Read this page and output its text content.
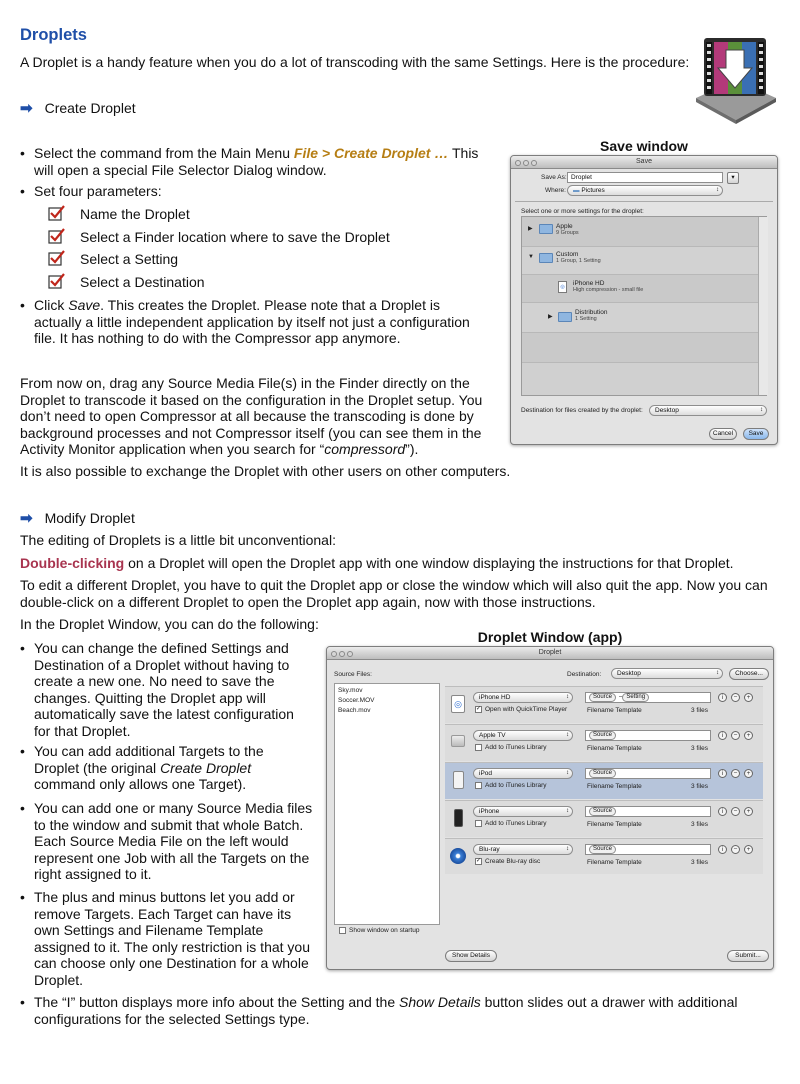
Droplets
A Droplet is a handy feature when you do a lot of transcoding with the same Settings. Here is the procedure:
➡ Create Droplet
• Select the command from the Main Menu File > Create Droplet … This will open a special File Selector Dialog window.
• Set four parameters:
Name the Droplet
Select a Finder location where to save the Droplet
Select a Setting
Select a Destination
• Click Save. This creates the Droplet. Please note that a Droplet is actually a little independent application by itself not just a configuration file. It has nothing to do with the Compressor app anymore.
From now on, drag any Source Media File(s) in the Finder directly on the Droplet to transcode it based on the configuration in the Droplet setup. You don’t need to open Compressor at all because the transcoding is done by background processes and not Compressor itself (you can see them in the Activity Monitor application when you search for “compressord”).
It is also possible to exchange the Droplet with other users on other computers.
Save window
Save
Save As: Droplet	▾
Where:	▬ Pictures ↕
Select one or more settings for the droplet:
▶	Apple
9 Groups
▼	Custom
1 Group, 1 Setting
◎	iPhone HD
High compression - small file
▶
Distribution
1 Setting
Destination for files created by the droplet:	Desktop ↕
Cancel	Save
➡ Modify Droplet
The editing of Droplets is a little bit unconventional:
Double-clicking on a Droplet will open the Droplet app with one window displaying the instructions for that Droplet.
To edit a different Droplet, you have to quit the Droplet app or close the window which will also quit the app. Now you can double-click on a different Droplet to open the Droplet app again, now with those instructions.
In the Droplet Window, you can do the following:
• You can change the defined Settings and Destination of a Droplet without having to create a new one. No need to save the changes. Quitting the Droplet app will automatically save the latest configuration for that Droplet.
• You can add additional Targets to the Droplet (the original Create Droplet command only allows one Target).
• You can add one or many Source Media files to the window and submit that whole Batch. Each Source Media File on the left would represent one Job with all the Targets on the right assigned to it.
• The plus and minus buttons let you add or remove Targets. Each Target can have its own Settings and Filename Template assigned to it. The only restriction is that you can choose only one Destination for a whole Droplet.
• The “I” button displays more info about the Setting and the Show Details button slides out a drawer with additional configurations for the selected Settings type.
Droplet Window (app)
Droplet
Source Files:
Sky.mov
Soccer.MOV
Beach.mov
Show window on startup
Destination:	Desktop ↕	Choose...
Show Details	Submit...
◎
iPhone HD ↕
✓ Open with QuickTime Player
Source – Setting
Filename Template	3 files
i	−	+
Apple TV ↕
Add to iTunes Library
Source
Filename Template	3 files
i	−	+
iPod ↕
Add to iTunes Library
Source
Filename Template	3 files
i	−	+
iPhone ↕
Add to iTunes Library
Source
Filename Template	3 files
i	−	+
Blu-ray ↕
✓ Create Blu-ray disc
Source
Filename Template	3 files
i	−	+
